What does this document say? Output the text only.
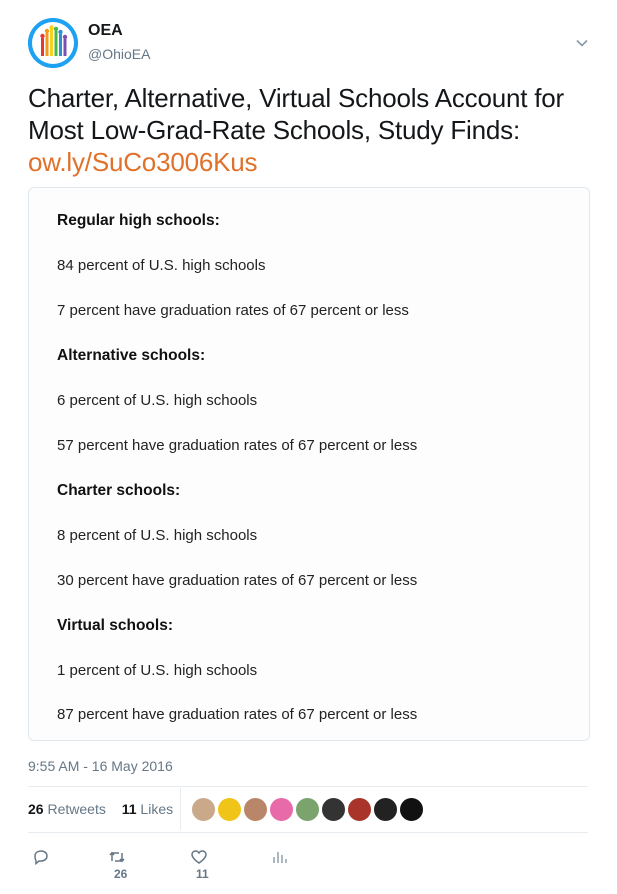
OEA
@OhioEA
Charter, Alternative, Virtual Schools Account for Most Low-Grad-Rate Schools, Study Finds: ow.ly/SuCo3006Kus
Regular high schools:
84 percent of U.S. high schools
7 percent have graduation rates of 67 percent or less
Alternative schools:
6 percent of U.S. high schools
57 percent have graduation rates of 67 percent or less
Charter schools:
8 percent of U.S. high schools
30 percent have graduation rates of 67 percent or less
Virtual schools:
1 percent of U.S. high schools
87 percent have graduation rates of 67 percent or less
9:55 AM - 16 May 2016
26 Retweets 11 Likes
26	11
